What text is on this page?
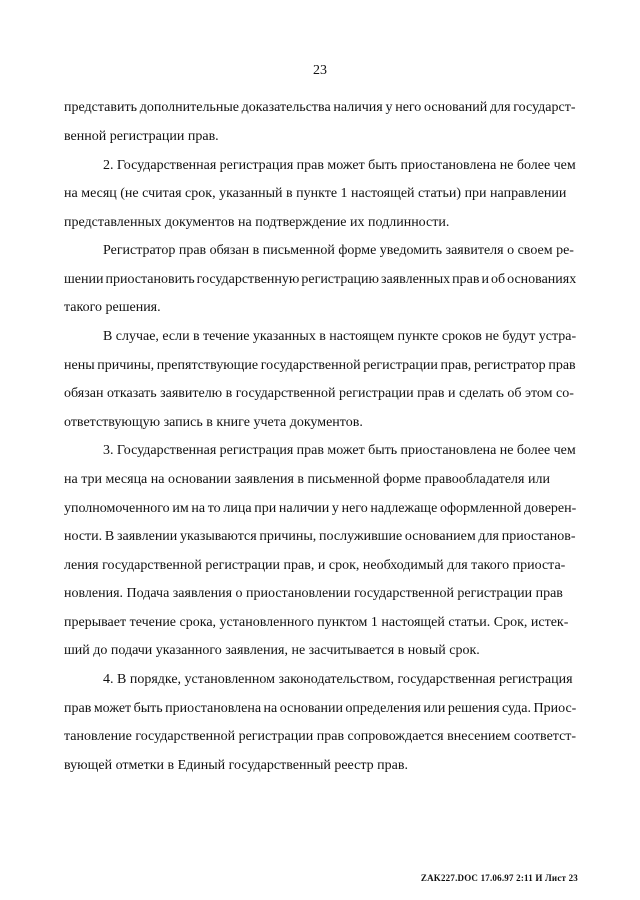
23
представить дополнительные доказательства наличия у него оснований для государст-
венной регистрации прав.
2. Государственная регистрация прав может быть приостановлена не более чем
на месяц (не считая срок, указанный в пункте 1 настоящей статьи) при направлении
представленных документов на подтверждение их подлинности.
Регистратор прав обязан в письменной форме уведомить заявителя о своем ре-
шении приостановить государственную регистрацию заявленных прав и об основаниях
такого решения.
В случае, если в течение указанных в настоящем пункте сроков не будут устра-
нены причины, препятствующие государственной регистрации прав, регистратор прав
обязан отказать заявителю в государственной регистрации прав и сделать об этом со-
ответствующую запись в книге учета документов.
3. Государственная регистрация прав может быть приостановлена не более чем
на три месяца на основании заявления в письменной форме правообладателя или
уполномоченного им на то лица при наличии у него надлежаще оформленной доверен-
ности. В заявлении указываются причины, послужившие основанием для приостанов-
ления государственной регистрации прав, и срок, необходимый для такого приоста-
новления. Подача заявления о приостановлении государственной регистрации прав
прерывает течение срока, установленного пунктом 1 настоящей статьи. Срок, истек-
ший до подачи указанного заявления, не засчитывается в новый срок.
4. В порядке, установленном законодательством, государственная регистрация
прав может быть приостановлена на основании определения или решения суда. Приос-
тановление государственной регистрации прав сопровождается внесением соответст-
вующей отметки в Единый государственный реестр прав.
ZAK227.DOC 17.06.97 2:11 И Лист 23
